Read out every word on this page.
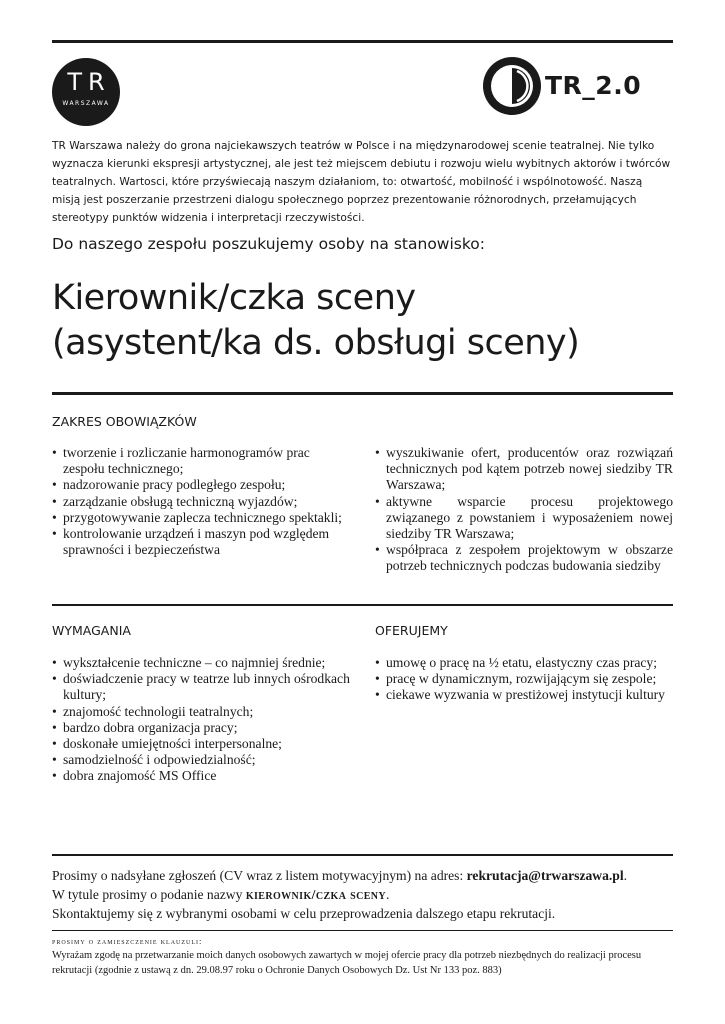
TR
WARSZAWA
TR_2.0
TR Warszawa należy do grona najciekawszych teatrów w Polsce i na międzynarodowej scenie teatralnej. Nie tylko wyznacza kierunki ekspresji artystycznej, ale jest też miejscem debiutu i rozwoju wielu wybitnych aktorów i twórców teatralnych. Wartosci, które przyświecają naszym działaniom, to: otwartość, mobilność i wspólnotowość. Naszą misją jest poszerzanie przestrzeni dialogu społecznego poprzez prezentowanie różnorodnych, przełamujących stereotypy punktów widzenia i interpretacji rzeczywistości.
Do naszego zespołu poszukujemy osoby na stanowisko:
Kierownik/czka sceny
(asystent/ka ds. obsługi sceny)
ZAKRES OBOWIĄZKÓW
• tworzenie i rozliczanie harmonogramów prac zespołu technicznego;
• nadzorowanie pracy podległego zespołu;
• zarządzanie obsługą techniczną wyjazdów;
• przygotowywanie zaplecza technicznego spektakli;
• kontrolowanie urządzeń i maszyn pod względem sprawności i bezpieczeństwa
• wyszukiwanie ofert, producentów oraz rozwiązań technicznych pod kątem potrzeb nowej siedziby TR Warszawa;
• aktywne wsparcie procesu projektowego związanego z powstaniem i wyposażeniem nowej siedziby TR Warszawa;
• współpraca z zespołem projektowym w obszarze potrzeb technicznych podczas budowania siedziby
WYMAGANIA
• wykształcenie techniczne – co najmniej średnie;
• doświadczenie pracy w teatrze lub innych ośrodkach kultury;
• znajomość technologii teatralnych;
• bardzo dobra organizacja pracy;
• doskonałe umiejętności interpersonalne;
• samodzielność i odpowiedzialność;
• dobra znajomość MS Office
OFERUJEMY
• umowę o pracę na ½ etatu, elastyczny czas pracy;
• pracę w dynamicznym, rozwijającym się zespole;
• ciekawe wyzwania w prestiżowej instytucji kultury
Prosimy o nadsyłane zgłoszeń (CV wraz z listem motywacyjnym) na adres: rekrutacja@trwarszawa.pl.
W tytule prosimy o podanie nazwy kierownik/czka sceny.
Skontaktujemy się z wybranymi osobami w celu przeprowadzenia dalszego etapu rekrutacji.
prosimy o zamieszczenie klauzuli:
Wyrażam zgodę na przetwarzanie moich danych osobowych zawartych w mojej ofercie pracy dla potrzeb niezbędnych do realizacji procesu rekrutacji (zgodnie z ustawą z dn. 29.08.97 roku o Ochronie Danych Osobowych Dz. Ust Nr 133 poz. 883)
